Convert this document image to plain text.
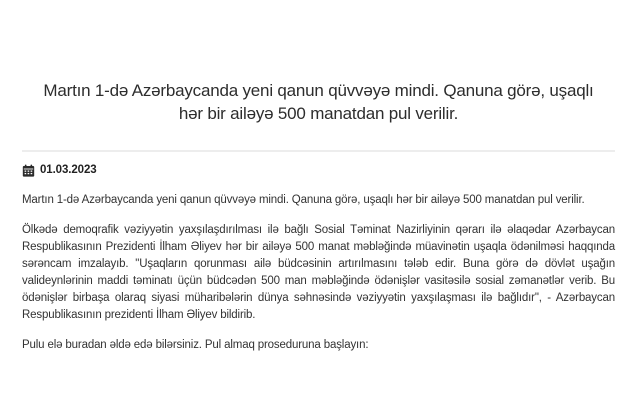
Martın 1-də Azərbaycanda yeni qanun qüvvəyə mindi. Qanuna görə, uşaqlı hər bir ailəyə 500 manatdan pul verilir.
01.03.2023

Martın 1-də Azərbaycanda yeni qanun qüvvəyə mindi. Qanuna görə, uşaqlı hər bir ailəyə 500 manatdan pul verilir.

Ölkədə demoqrafik vəziyyətin yaxşılaşdırılması ilə bağlı Sosial Təminat Nazirliyinin qərarı ilə əlaqədar Azərbaycan Respublikasının Prezidenti İlham Əliyev hər bir ailəyə 500 manat məbləğində müavinətin uşaqla ödənilməsi haqqında sərəncam imzalayıb. "Uşaqların qorunması ailə büdcəsinin artırılmasını tələb edir. Buna görə də dövlət uşağın valideynlərinin maddi təminatı üçün büdcədən 500 man məbləğində ödənişlər vasitəsilə sosial zəmanətlər verib. Bu ödənişlər birbaşa olaraq siyasi müharibələrin dünya səhnəsində vəziyyətin yaxşılaşması ilə bağlıdır", - Azərbaycan Respublikasının prezidenti İlham Əliyev bildirib.

Pulu elə buradan əldə edə bilərsiniz. Pul almaq proseduruna başlayın:
